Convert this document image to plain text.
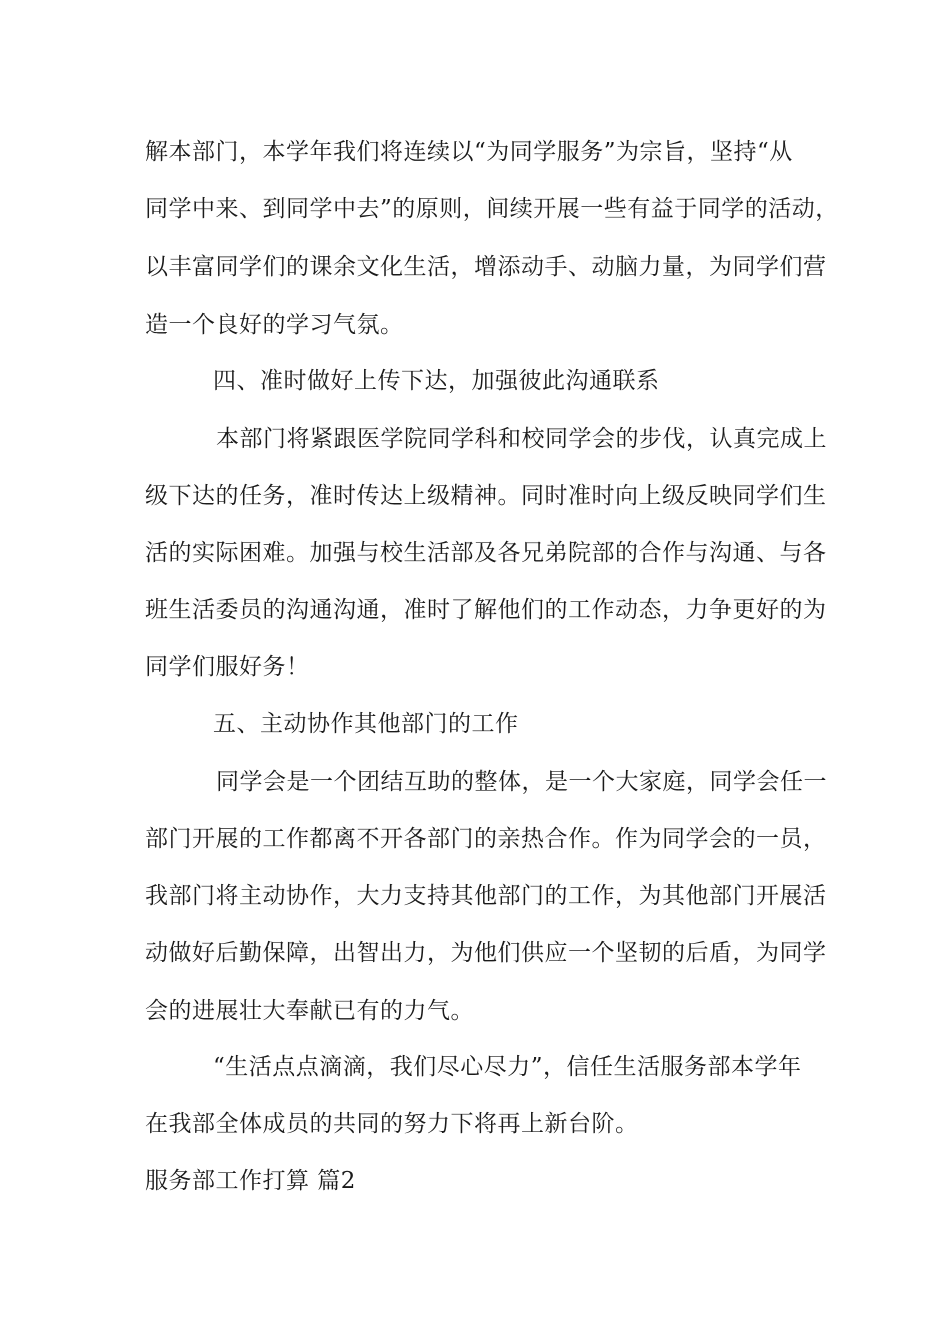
解本部门，本学年我们将连续以“为同学服务”为宗旨，坚持“从
同学中来、到同学中去”的原则，间续开展一些有益于同学的活动，
以丰富同学们的课余文化生活，增添动手、动脑力量，为同学们营
造一个良好的学习气氛。
四、准时做好上传下达，加强彼此沟通联系
本部门将紧跟医学院同学科和校同学会的步伐，认真完成上
级下达的任务，准时传达上级精神。同时准时向上级反映同学们生
活的实际困难。加强与校生活部及各兄弟院部的合作与沟通、与各
班生活委员的沟通沟通，准时了解他们的工作动态，力争更好的为
同学们服好务！
五、主动协作其他部门的工作
同学会是一个团结互助的整体，是一个大家庭，同学会任一
部门开展的工作都离不开各部门的亲热合作。作为同学会的一员，
我部门将主动协作，大力支持其他部门的工作，为其他部门开展活
动做好后勤保障，出智出力，为他们供应一个坚韧的后盾，为同学
会的进展壮大奉献已有的力气。
“生活点点滴滴，我们尽心尽力”，信任生活服务部本学年
在我部全体成员的共同的努力下将再上新台阶。
服务部工作打算 篇2
